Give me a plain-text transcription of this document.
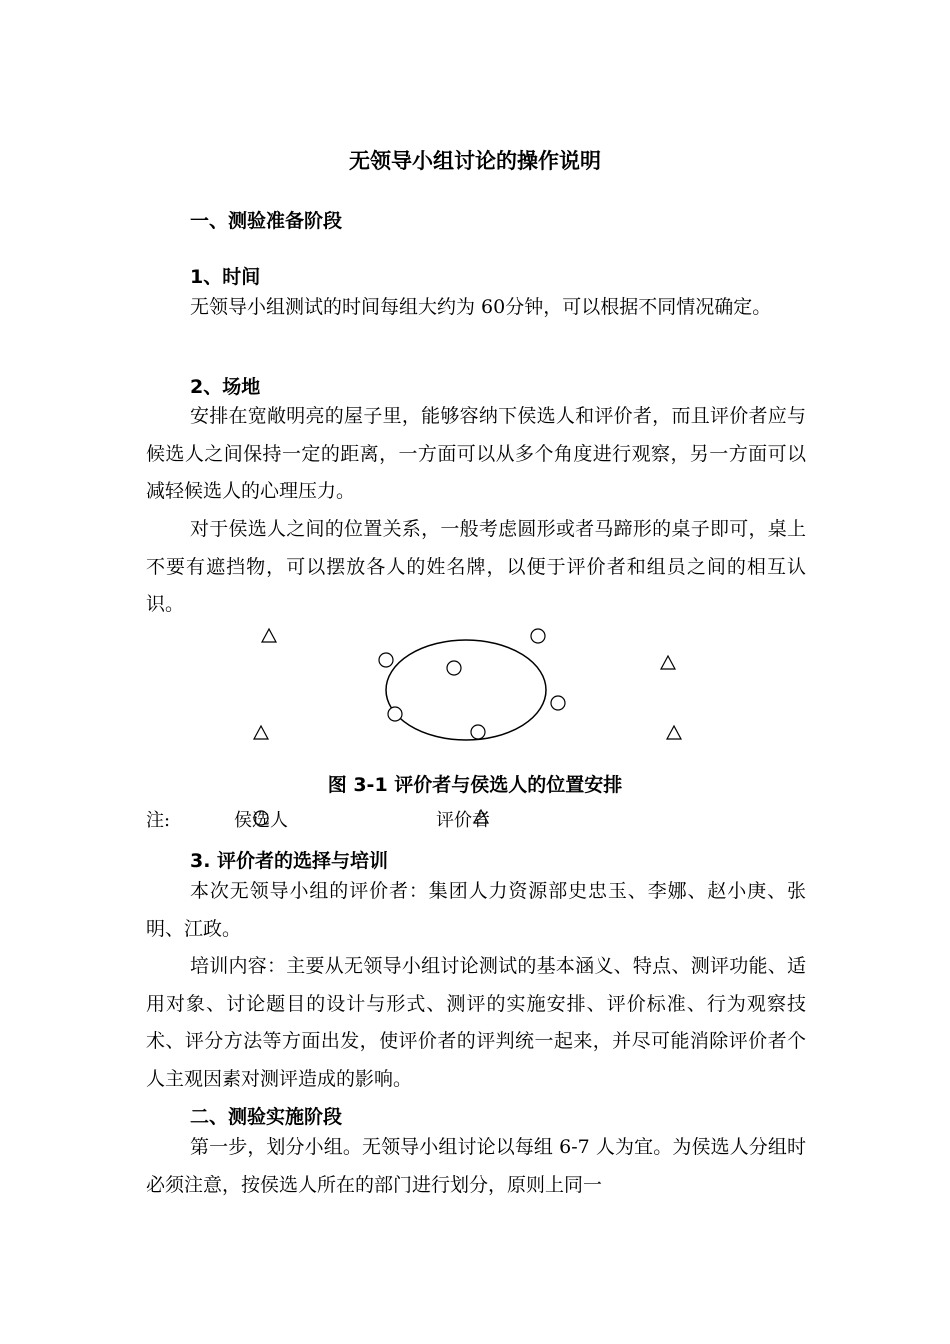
无领导小组讨论的操作说明
一、测验准备阶段
1、时间
无领导小组测试的时间每组大约为 60分钟，可以根据不同情况确定。
2、场地
安排在宽敞明亮的屋子里，能够容纳下侯选人和评价者，而且评价者应与候选人之间保持一定的距离，一方面可以从多个角度进行观察，另一方面可以减轻候选人的心理压力。
对于侯选人之间的位置关系，一般考虑圆形或者马蹄形的桌子即可，桌上不要有遮挡物，可以摆放各人的姓名牌，以便于评价者和组员之间的相互认识。
图 3-1 评价者与侯选人的位置安排
注:	侯选人	评价者
3. 评价者的选择与培训
本次无领导小组的评价者：集团人力资源部史忠玉、李娜、赵小庚、张明、江政。
培训内容：主要从无领导小组讨论测试的基本涵义、特点、测评功能、适用对象、讨论题目的设计与形式、测评的实施安排、评价标准、行为观察技术、评分方法等方面出发，使评价者的评判统一起来，并尽可能消除评价者个人主观因素对测评造成的影响。
二、测验实施阶段
第一步，划分小组。无领导小组讨论以每组 6-7 人为宜。为侯选人分组时必须注意，按侯选人所在的部门进行划分，原则上同一
